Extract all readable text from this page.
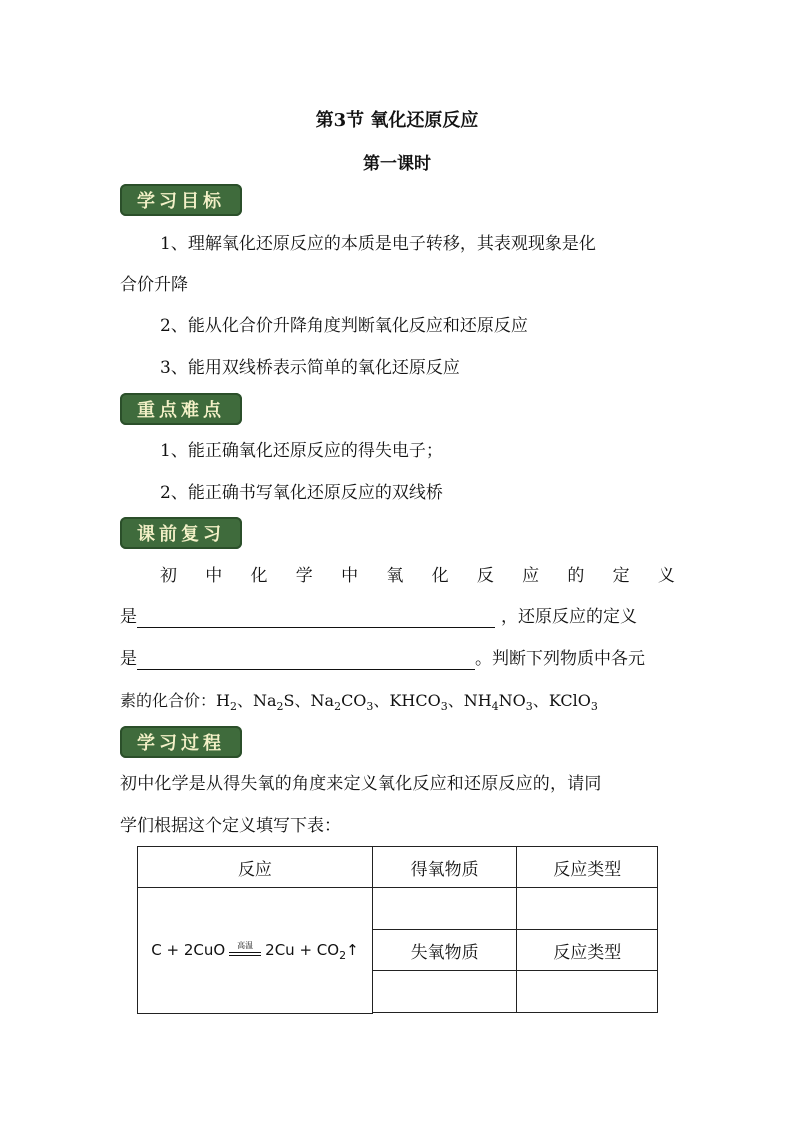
第3节 氧化还原反应
第一课时
学习目标
1、理解氧化还原反应的本质是电子转移，其表观现象是化
合价升降
2、能从化合价升降角度判断氧化反应和还原反应
3、能用双线桥表示简单的氧化还原反应
重点难点
1、能正确氧化还原反应的得失电子；
2、能正确书写氧化还原反应的双线桥
课前复习
初 中 化 学 中 氧 化 反 应 的 定 义
是	，还原反应的定义
是	。判断下列物质中各元
素的化合价：$H_2$、$Na_2S$、$Na_2CO_3$、$KHCO_3$、$NH_4NO_3$、KClO$_3$
学习过程
初中化学是从得失氧的角度来定义氧化反应和还原反应的，请同
学们根据这个定义填写下表：
反应	得氧物质	反应类型
C + 2CuO 高温 $2Cu + CO_2↑$		
	失氧物质	反应类型
